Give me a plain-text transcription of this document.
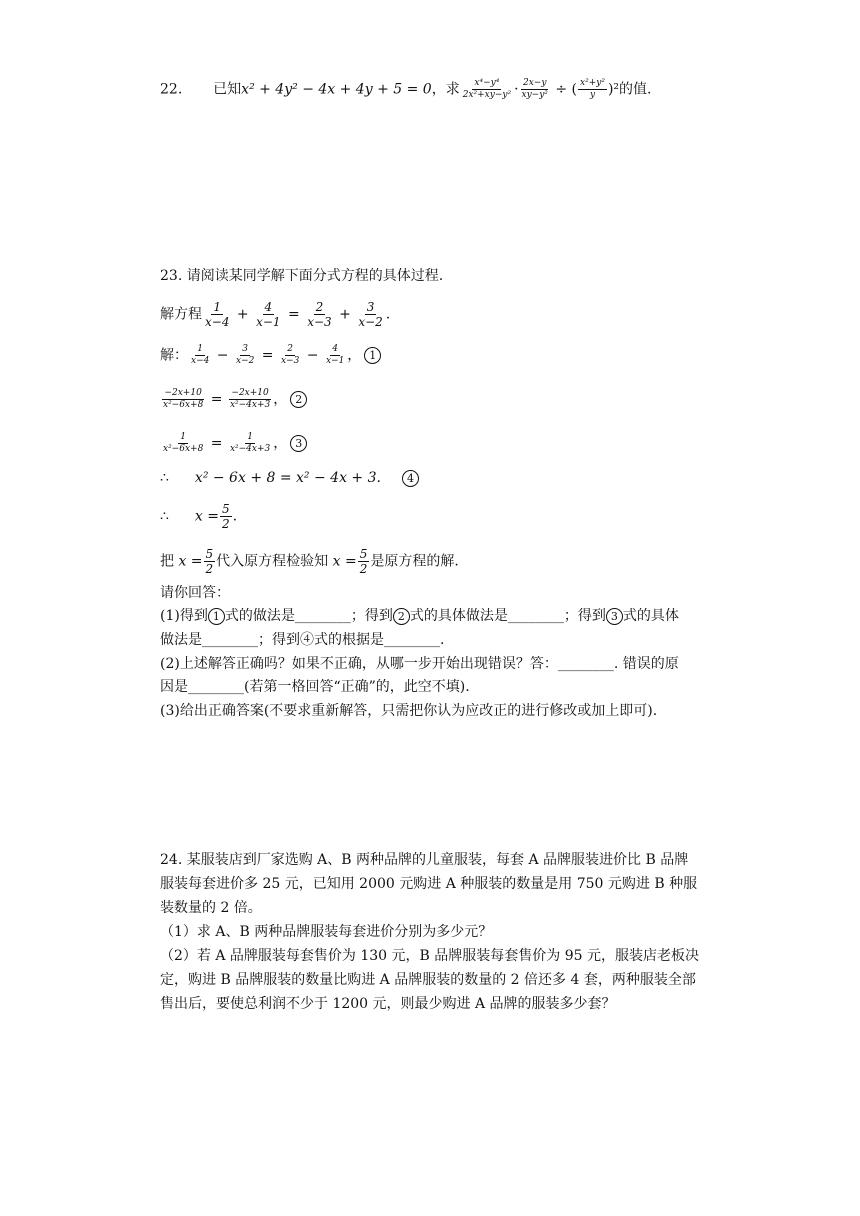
22. 已知x² + 4y² − 4x + 4y + 5 = 0，求 $\frac{\text{x⁴−y⁴}}{\text{2x²+xy−y²}} \cdot \frac{2x-y}{\text{xy−y²}}$ ÷ ( $\frac{\text{x²+y²}}{y} )^2$的值.
23. 请阅读某同学解下面分式方程的具体过程.
解方程 $\frac{1}{x-4} + \frac{4}{x-1} = \frac{2}{x-3} + \frac{3}{x-2}$ .
解： $\frac{1}{x-4} - \frac{3}{x-2} = \frac{2}{x-3} - \frac{4}{x-1}$ ， 1
$\frac{-2x+10}{\text{x²−6x+8}} = \frac{-2x+10}{\text{x²−4x+3}}$ ， 2
$\frac{1}{\text{x²−6x+8}} = \frac{1}{\text{x²−4x+3}}$ ， 3
∴ x² − 6x + 8 = x² − 4x + 3. 4
∴ $x = \frac{5}{2}$ .
把 $x = \frac{5}{2}$ 代入原方程检验知 $x = \frac{5}{2}$ 是原方程的解.
请你回答：
(1)得到 1 式的做法是________；得到 2 式的具体做法是________；得到 3 式的具体
做法是________；得到④式的根据是________.
(2)上述解答正确吗？如果不正确，从哪一步开始出现错误？答：________. 错误的原
因是________(若第一格回答“正确”的，此空不填).
(3)给出正确答案(不要求重新解答，只需把你认为应改正的进行修改或加上即可).
24. 某服装店到厂家选购 A、B 两种品牌的儿童服装，每套 A 品牌服装进价比 B 品牌
服装每套进价多 25 元，已知用 2000 元购进 A 种服装的数量是用 750 元购进 B 种服
装数量的 2 倍。
（1）求 A、B 两种品牌服装每套进价分别为多少元？
（2）若 A 品牌服装每套售价为 130 元，B 品牌服装每套售价为 95 元，服装店老板决
定，购进 B 品牌服装的数量比购进 A 品牌服装的数量的 2 倍还多 4 套，两种服装全部
售出后，要使总利润不少于 1200 元，则最少购进 A 品牌的服装多少套？
